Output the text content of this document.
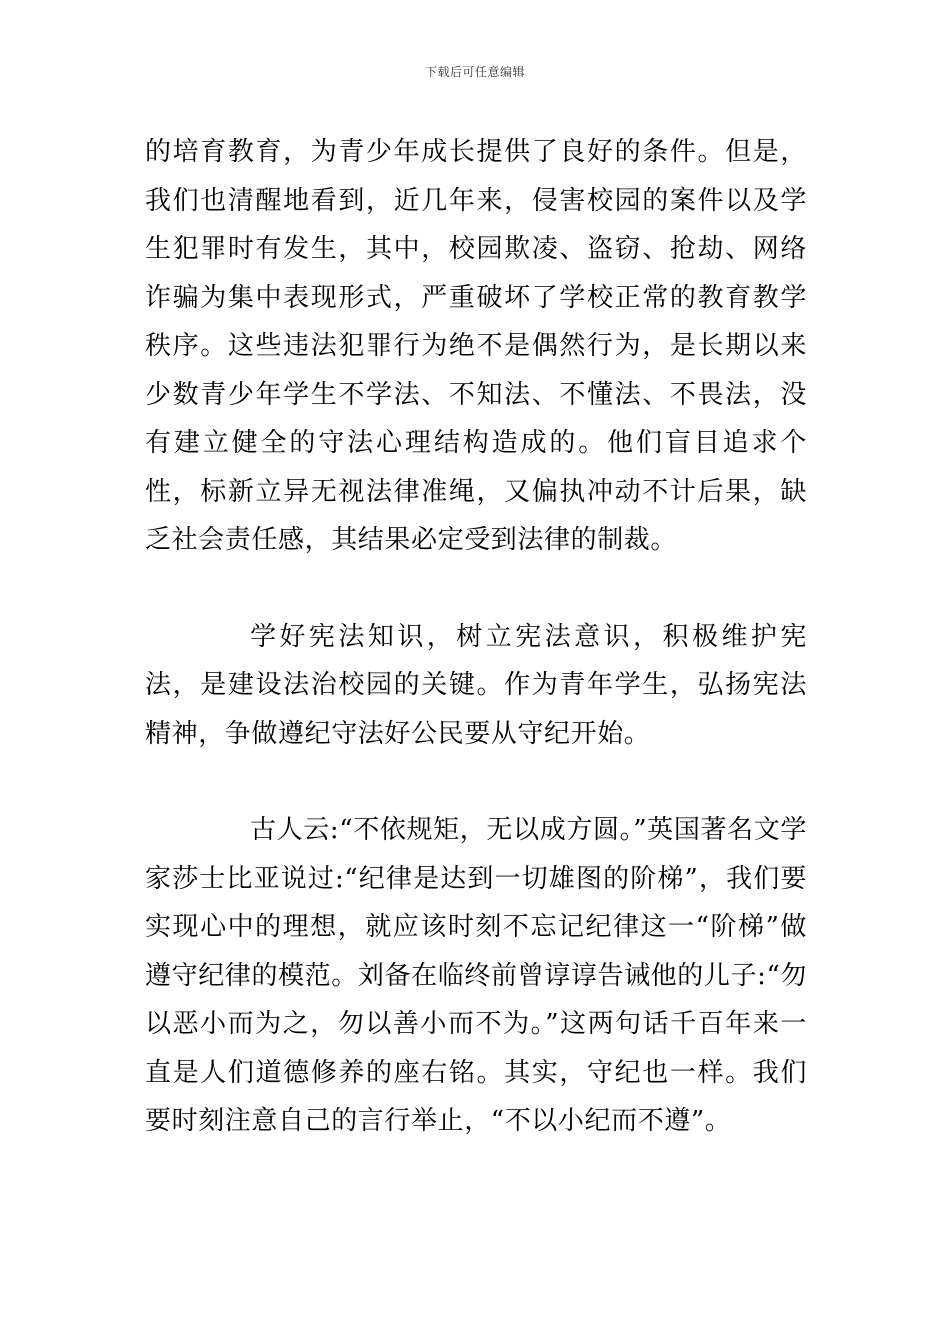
下载后可任意编辑

的培育教育，为青少年成长提供了良好的条件。但是，我们也清醒地看到，近几年来，侵害校园的案件以及学生犯罪时有发生，其中，校园欺凌、盗窃、抢劫、网络诈骗为集中表现形式，严重破坏了学校正常的教育教学秩序。这些违法犯罪行为绝不是偶然行为，是长期以来少数青少年学生不学法、不知法、不懂法、不畏法，没有建立健全的守法心理结构造成的。他们盲目追求个性，标新立异无视法律准绳，又偏执冲动不计后果，缺乏社会责任感，其结果必定受到法律的制裁。

学好宪法知识，树立宪法意识，积极维护宪法，是建设法治校园的关键。作为青年学生，弘扬宪法精神，争做遵纪守法好公民要从守纪开始。

古人云:“不依规矩，无以成方圆。”英国著名文学家莎士比亚说过:“纪律是达到一切雄图的阶梯”，我们要实现心中的理想，就应该时刻不忘记纪律这一“阶梯”做遵守纪律的模范。刘备在临终前曾谆谆告诫他的儿子:“勿以恶小而为之，勿以善小而不为。”这两句话千百年来一直是人们道德修养的座右铭。其实，守纪也一样。我们要时刻注意自己的言行举止，“不以小纪而不遵”。
